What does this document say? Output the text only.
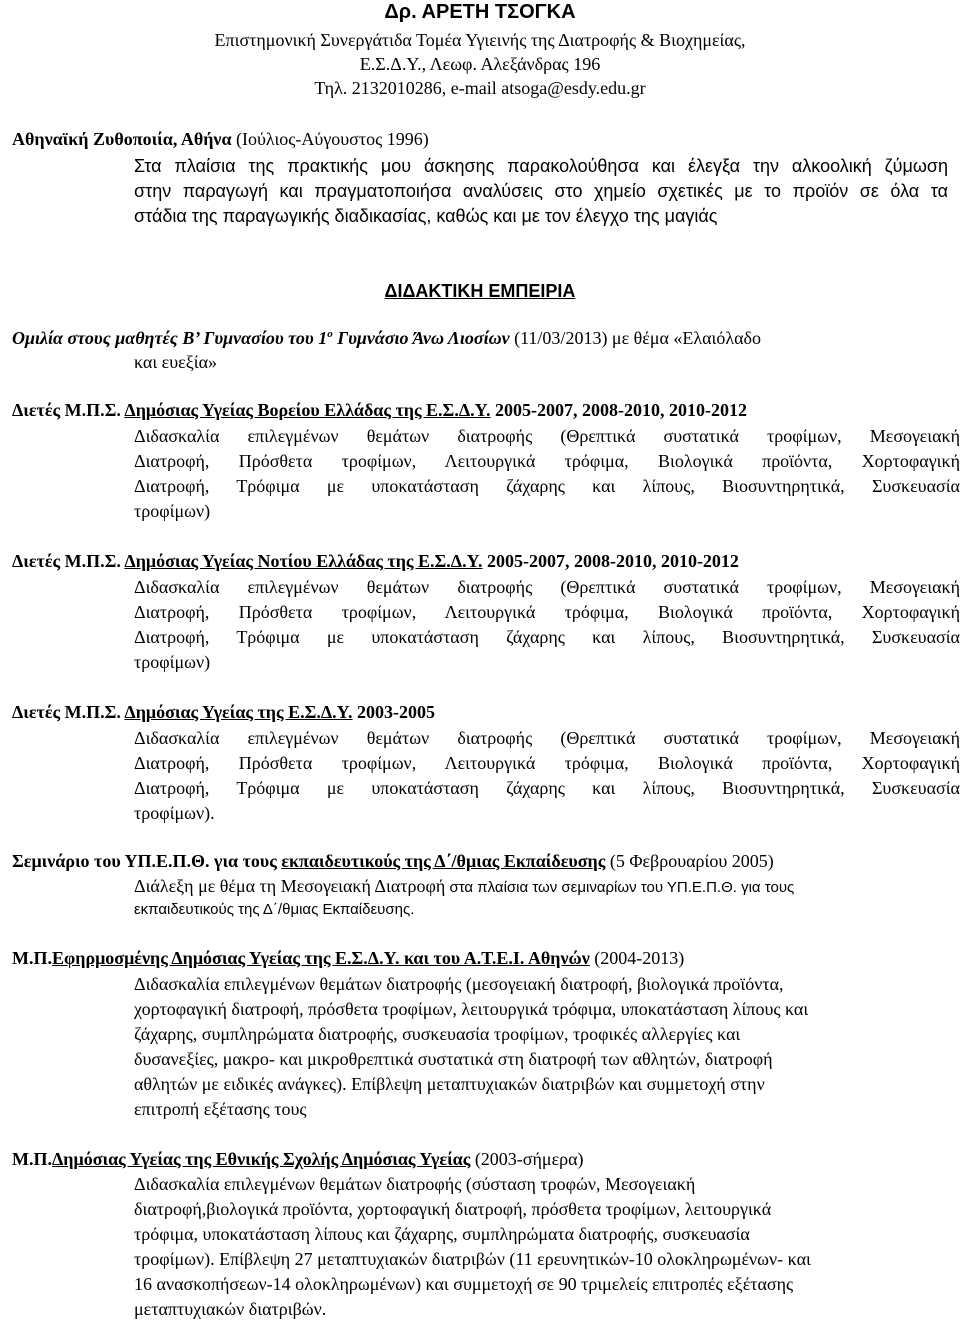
Δρ. ΑΡΕΤΗ ΤΣΟΓΚΑ
Επιστημονική Συνεργάτιδα Τομέα Υγιεινής της Διατροφής & Βιοχημείας,
Ε.Σ.Δ.Υ., Λεωφ. Αλεξάνδρας 196
Τηλ. 2132010286, e-mail atsoga@esdy.edu.gr
Αθηναϊκή Ζυθοποιία, Αθήνα (Ιούλιος-Αύγουστος 1996)
Στα πλαίσια της πρακτικής μου άσκησης παρακολούθησα και έλεγξα την αλκοολική ζύμωση
στην παραγωγή και πραγματοποιήσα αναλύσεις στο χημείο σχετικές με το προϊόν σε όλα τα
στάδια της παραγωγικής διαδικασίας, καθώς και με τον έλεγχο της μαγιάς
ΔΙΔΑΚΤΙΚΗ ΕΜΠΕΙΡΙΑ
Ομιλία στους μαθητές Β’ Γυμνασίου του $1^o$ Γυμνάσιο Άνω Λιοσίων (11/03/2013) με θέμα «Ελαιόλαδο
και ευεξία»
Διετές Μ.Π.Σ. Δημόσιας Υγείας Βορείου Ελλάδας της Ε.Σ.Δ.Υ. 2005-2007, 2008-2010, 2010-2012
Διδασκαλία επιλεγμένων θεμάτων διατροφής (Θρεπτικά συστατικά τροφίμων, Μεσογειακή
Διατροφή, Πρόσθετα τροφίμων, Λειτουργικά τρόφιμα, Βιολογικά προϊόντα, Χορτοφαγική
Διατροφή, Τρόφιμα με υποκατάσταση ζάχαρης και λίπους, Βιοσυντηρητικά, Συσκευασία
τροφίμων)
Διετές Μ.Π.Σ. Δημόσιας Υγείας Νοτίου Ελλάδας της Ε.Σ.Δ.Υ. 2005-2007, 2008-2010, 2010-2012
Διδασκαλία επιλεγμένων θεμάτων διατροφής (Θρεπτικά συστατικά τροφίμων, Μεσογειακή
Διατροφή, Πρόσθετα τροφίμων, Λειτουργικά τρόφιμα, Βιολογικά προϊόντα, Χορτοφαγική
Διατροφή, Τρόφιμα με υποκατάσταση ζάχαρης και λίπους, Βιοσυντηρητικά, Συσκευασία
τροφίμων)
Διετές Μ.Π.Σ. Δημόσιας Υγείας της Ε.Σ.Δ.Υ. 2003-2005
Διδασκαλία επιλεγμένων θεμάτων διατροφής (Θρεπτικά συστατικά τροφίμων, Μεσογειακή
Διατροφή, Πρόσθετα τροφίμων, Λειτουργικά τρόφιμα, Βιολογικά προϊόντα, Χορτοφαγική
Διατροφή, Τρόφιμα με υποκατάσταση ζάχαρης και λίπους, Βιοσυντηρητικά, Συσκευασία
τροφίμων).
Σεμινάριο του ΥΠ.Ε.Π.Θ. για τους εκπαιδευτικούς της Δ΄/θμιας Εκπαίδευσης (5 Φεβρουαρίου 2005)
Διάλεξη με θέμα τη Μεσογειακή Διατροφή στα πλαίσια των σεμιναρίων του ΥΠ.Ε.Π.Θ. για τους
εκπαιδευτικούς της Δ΄/θμιας Εκπαίδευσης.
Μ.Π.Εφηρμοσμένης Δημόσιας Υγείας της Ε.Σ.Δ.Υ. και του Α.Τ.Ε.Ι. Αθηνών (2004-2013)
Διδασκαλία επιλεγμένων θεμάτων διατροφής (μεσογειακή διατροφή, βιολογικά προϊόντα,
χορτοφαγική διατροφή, πρόσθετα τροφίμων, λειτουργικά τρόφιμα, υποκατάσταση λίπους και
ζάχαρης, συμπληρώματα διατροφής, συσκευασία τροφίμων, τροφικές αλλεργίες και
δυσανεξίες, μακρο- και μικροθρεπτικά συστατικά στη διατροφή των αθλητών, διατροφή
αθλητών με ειδικές ανάγκες). Επίβλεψη μεταπτυχιακών διατριβών και συμμετοχή στην
επιτροπή εξέτασης τους
Μ.Π.Δημόσιας Υγείας της Εθνικής Σχολής Δημόσιας Υγείας (2003-σήμερα)
Διδασκαλία επιλεγμένων θεμάτων διατροφής (σύσταση τροφών, Μεσογειακή
διατροφή,βιολογικά προϊόντα, χορτοφαγική διατροφή, πρόσθετα τροφίμων, λειτουργικά
τρόφιμα, υποκατάσταση λίπους και ζάχαρης, συμπληρώματα διατροφής, συσκευασία
τροφίμων). Επίβλεψη 27 μεταπτυχιακών διατριβών (11 ερευνητικών-10 ολοκληρωμένων- και
16 ανασκοπήσεων-14 ολοκληρωμένων) και συμμετοχή σε 90 τριμελείς επιτροπές εξέτασης
μεταπτυχιακών διατριβών.
